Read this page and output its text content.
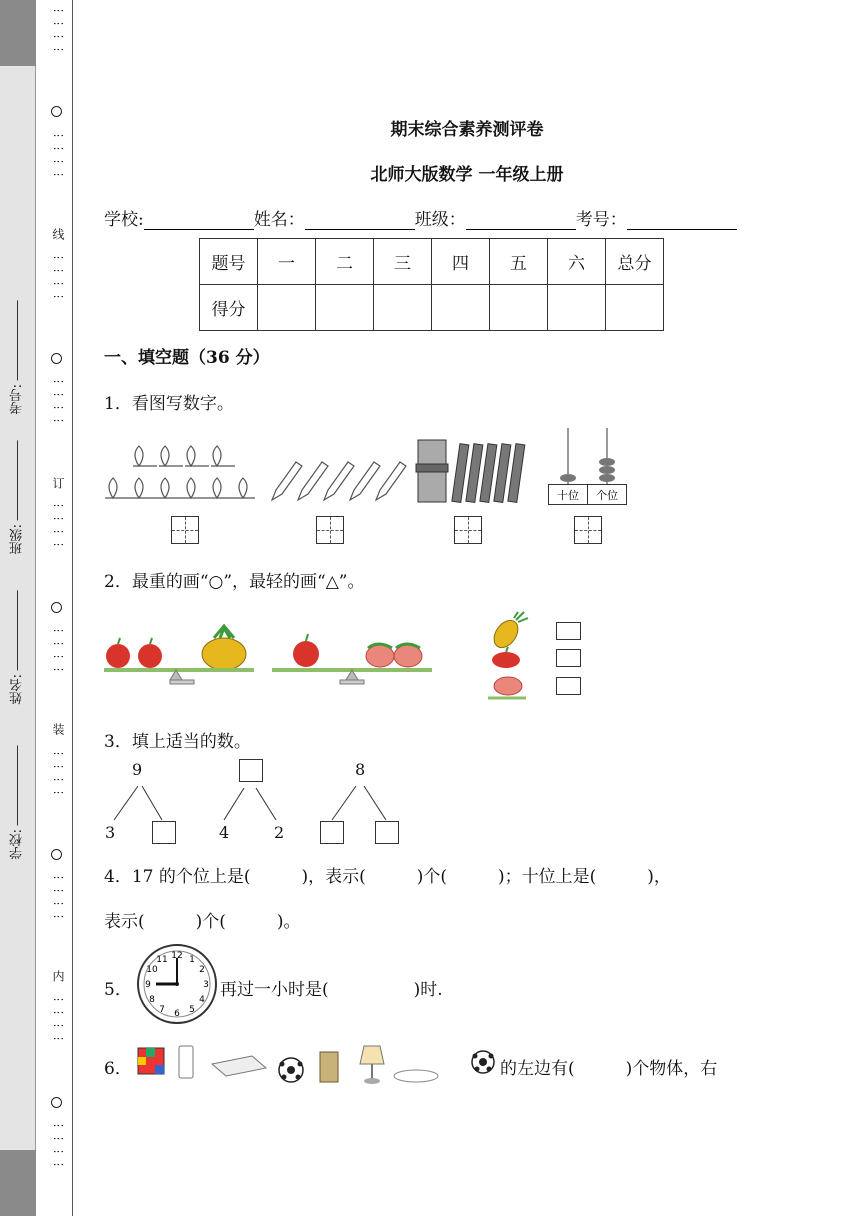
学校:
姓名:
班级:
考号:
⋮⋮⋮⋮
⋮⋮⋮⋮
线
⋮⋮⋮⋮
⋮⋮⋮⋮
订
⋮⋮⋮⋮
⋮⋮⋮⋮
装
⋮⋮⋮⋮
⋮⋮⋮⋮
内
⋮⋮⋮⋮
⋮⋮⋮⋮
期末综合素养测评卷
北师大版数学 一年级上册
学校:	姓名：	班级：	考号：
题号	一	二	三	四	五	六	总分
得分							
一、填空题（36 分）
1．看图写数字。
十位 个位
2．最重的画“○”，最轻的画“△”。
3．填上适当的数。
9
3	4	2
8
4．17 的个位上是(　　　)，表示(　　　)个(　　　)；十位上是(　　　)，
表示(　　　)个(　　　)。
5．
12 1
2
3
4
5
6
7
8
9
10
11
再过一小时是(　　　　　)时.
6．	的左边有(　　　)个物体，右
